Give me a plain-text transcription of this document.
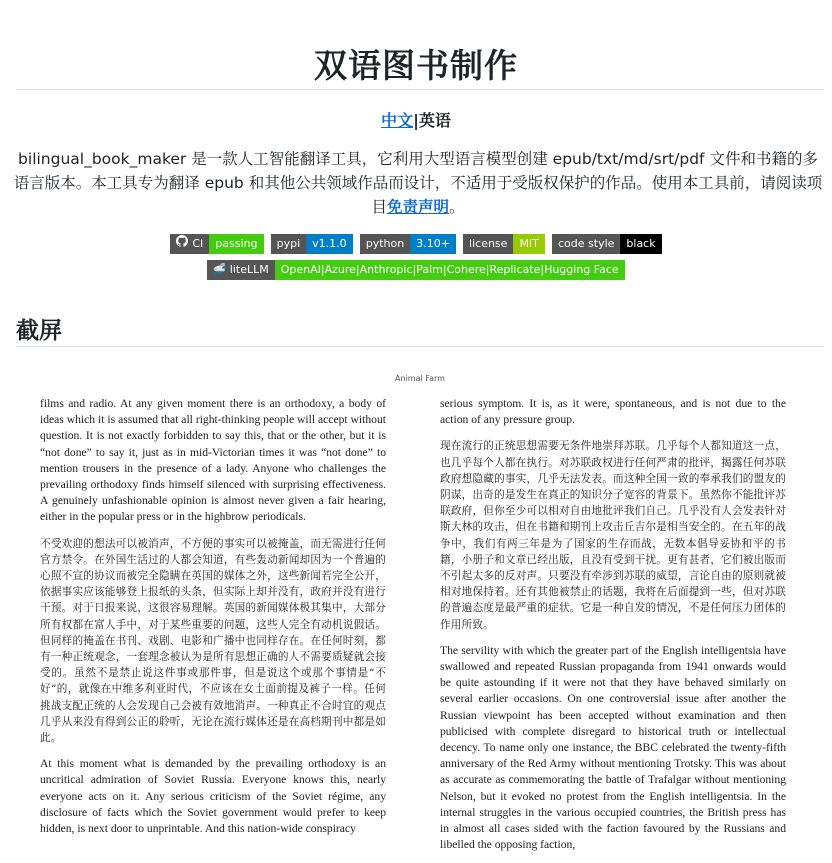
双语图书制作
中文|英语
bilingual_book_maker 是一款人工智能翻译工具，它利用大型语言模型创建 epub/txt/md/srt/pdf 文件和书籍的多语言版本。本工具专为翻译 epub 和其他公共领域作品而设计，不适用于受版权保护的作品。使用本工具前，请阅读项目免责声明。
CI	passing
	pypi	v1.1.0
	python	3.10+
	license	MIT
	code style	black
🚅 liteLLM	OpenAI|Azure|Anthropic|Palm|Cohere|Replicate|Hugging Face
截屏
Animal Farm

films and radio. At any given moment there is an orthodoxy, a body of ideas which it is assumed that all right-thinking people will accept without question. It is not exactly forbidden to say this, that or the other, but it is “not done” to say it, just as in mid-Victorian times it was “not done” to mention trousers in the presence of a lady. Anyone who challenges the prevailing orthodoxy finds himself silenced with surprising effectiveness. A genuinely unfashionable opinion is almost never given a fair hearing, either in the popular press or in the highbrow periodicals.

不受欢迎的想法可以被消声，不方便的事实可以被掩盖，而无需进行任何官方禁令。在外国生活过的人都会知道，有些轰动新闻却因为一个普遍的心照不宣的协议而被完全隐瞒在英国的媒体之外，这些新闻若完全公开，依据事实应该能够登上报纸的头条，但实际上却并没有，政府并没有进行干预。对于日报来说，这很容易理解。英国的新闻媒体极其集中，大部分所有权都在富人手中，对于某些重要的问题，这些人完全有动机说假话。但同样的掩盖在书刊、戏剧、电影和广播中也同样存在。在任何时刻，都有一种正统观念，一套理念被认为是所有思想正确的人不需要质疑就会接受的。虽然不是禁止说这件事或那件事，但是说这个或那个事情是“不好”的，就像在中维多利亚时代，不应该在女士面前提及裤子一样。任何挑战支配正统的人会发现自己会被有效地消声。一种真正不合时宜的观点几乎从来没有得到公正的聆听，无论在流行媒体还是在高档期刊中都是如此。

At this moment what is demanded by the prevailing orthodoxy is an uncritical admiration of Soviet Russia. Everyone knows this, nearly everyone acts on it. Any serious criticism of the Soviet régime, any disclosure of facts which the Soviet government would prefer to keep hidden, is next door to unprintable. And this nation-wide conspiracy

serious symptom. It is, as it were, spontaneous, and is not due to the action of any pressure group.

现在流行的正统思想需要无条件地崇拜苏联。几乎每个人都知道这一点，也几乎每个人都在执行。对苏联政权进行任何严肃的批评，揭露任何苏联政府想隐藏的事实，几乎无法发表。而这种全国一致的奉承我们的盟友的阴谋，出奇的是发生在真正的知识分子宽容的背景下。虽然你不能批评苏联政府，但你至少可以相对自由地批评我们自己。几乎没有人会发表针对斯大林的攻击，但在书籍和期刊上攻击丘吉尔是相当安全的。在五年的战争中，我们有两三年是为了国家的生存而战，无数本倡导妥协和平的书籍，小册子和文章已经出版，且没有受到干扰。更有甚者，它们被出版而不引起太多的反对声。只要没有牵涉到苏联的威望，言论自由的原则就被相对地保持着。还有其他被禁止的话题，我将在后面提到一些，但对苏联的普遍态度是最严重的症状。它是一种自发的情况，不是任何压力团体的作用所致。

The servility with which the greater part of the English intelligentsia have swallowed and repeated Russian propaganda from 1941 onwards would be quite astounding if it were not that they have behaved similarly on several earlier occasions. On one controversial issue after another the Russian viewpoint has been accepted without examination and then publicised with complete disregard to historical truth or intellectual decency. To name only one instance, the BBC celebrated the twenty-fifth anniversary of the Red Army without mentioning Trotsky. This was about as accurate as commemorating the battle of Trafalgar without mentioning Nelson, but it evoked no protest from the English intelligentsia. In the internal struggles in the various occupied countries, the British press has in almost all cases sided with the faction favoured by the Russians and libelled the opposing faction,
